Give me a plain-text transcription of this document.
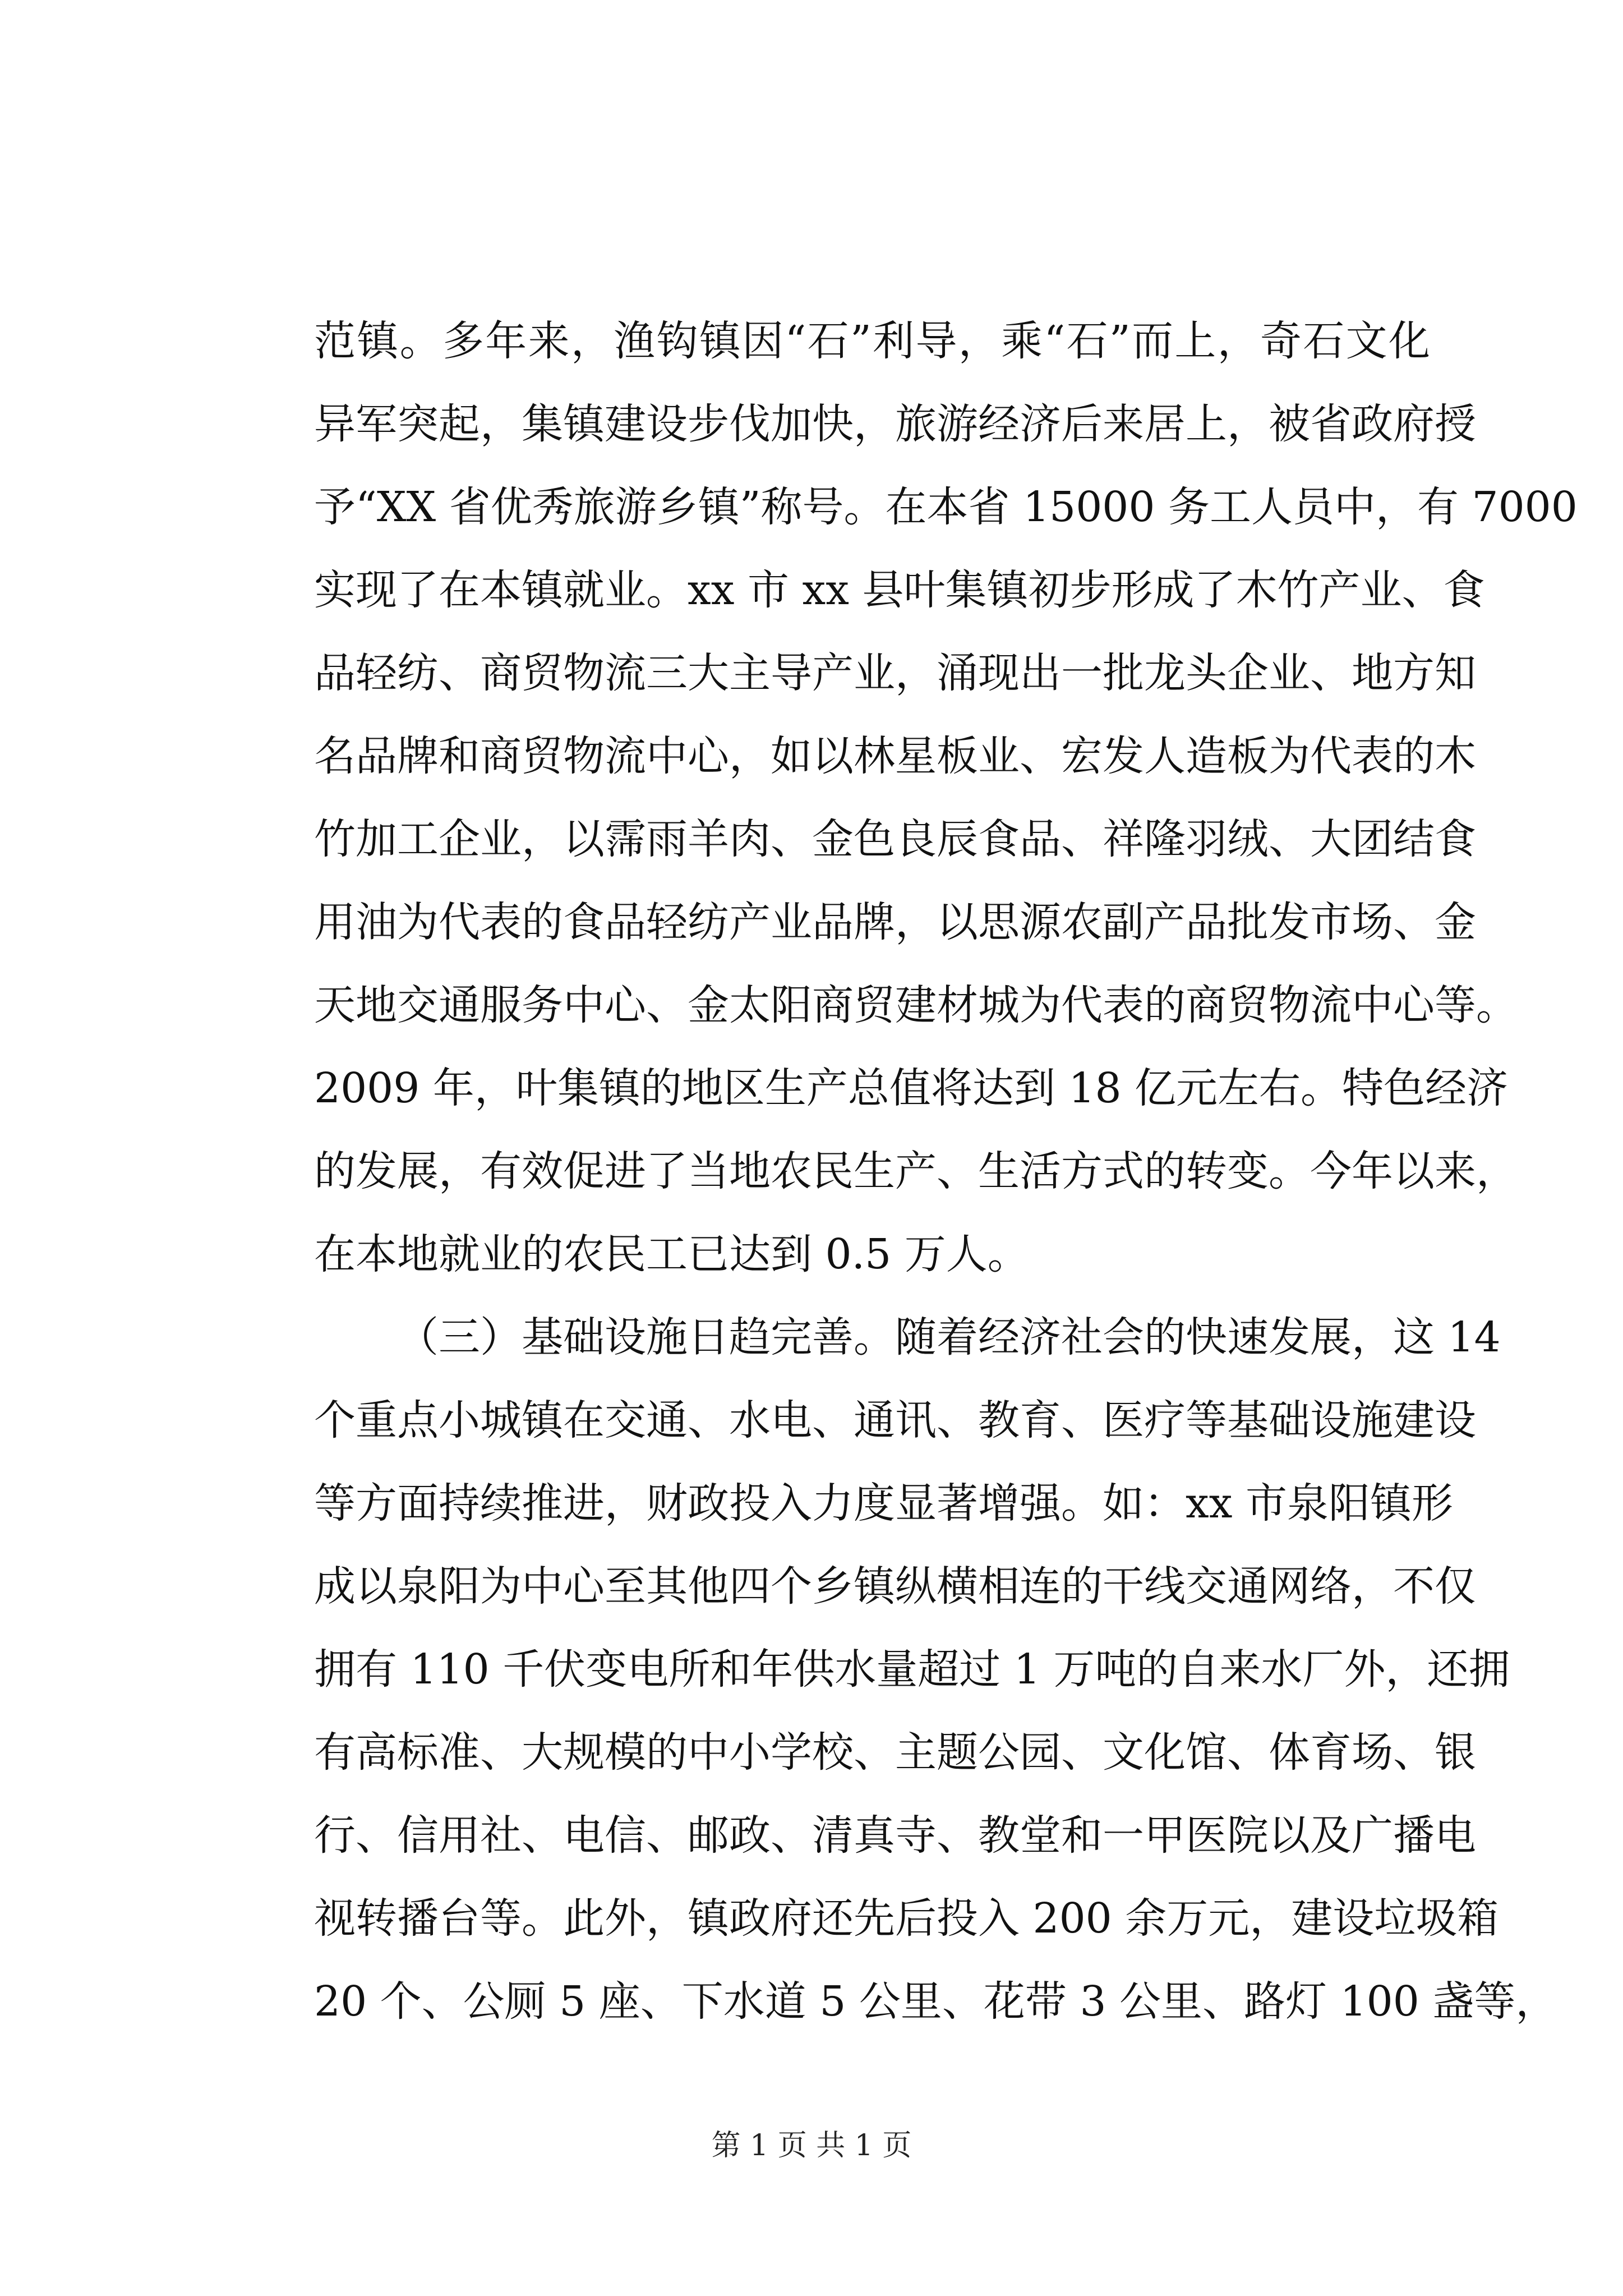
范镇。多年来，渔钩镇因“石”利导，乘“石”而上，奇石文化
异军突起，集镇建设步伐加快，旅游经济后来居上，被省政府授
予“XX 省优秀旅游乡镇”称号。在本省 15000 务工人员中，有 7000
实现了在本镇就业。xx 市 xx 县叶集镇初步形成了木竹产业、食
品轻纺、商贸物流三大主导产业，涌现出一批龙头企业、地方知
名品牌和商贸物流中心，如以林星板业、宏发人造板为代表的木
竹加工企业，以霈雨羊肉、金色良辰食品、祥隆羽绒、大团结食
用油为代表的食品轻纺产业品牌，以思源农副产品批发市场、金
天地交通服务中心、金太阳商贸建材城为代表的商贸物流中心等。
2009 年，叶集镇的地区生产总值将达到 18 亿元左右。特色经济
的发展，有效促进了当地农民生产、生活方式的转变。今年以来，
在本地就业的农民工已达到 0.5 万人。
（三）基础设施日趋完善。随着经济社会的快速发展，这 14
个重点小城镇在交通、水电、通讯、教育、医疗等基础设施建设
等方面持续推进，财政投入力度显著增强。如：xx 市泉阳镇形
成以泉阳为中心至其他四个乡镇纵横相连的干线交通网络，不仅
拥有 110 千伏变电所和年供水量超过 1 万吨的自来水厂外，还拥
有高标准、大规模的中小学校、主题公园、文化馆、体育场、银
行、信用社、电信、邮政、清真寺、教堂和一甲医院以及广播电
视转播台等。此外，镇政府还先后投入 200 余万元，建设垃圾箱
20 个、公厕 5 座、下水道 5 公里、花带 3 公里、路灯 100 盏等，
第 1 页 共 1 页
